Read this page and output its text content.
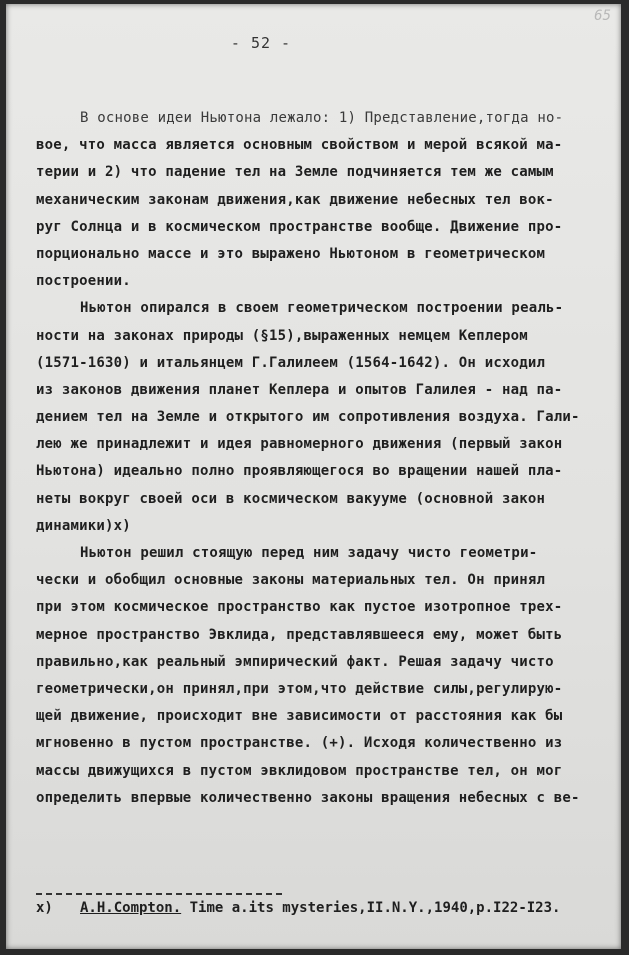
65
- 52 -
В основе идеи Ньютона лежало: 1) Представление,тогда но-
вое, что масса является основным свойством и мерой всякой ма-
терии и 2) что падение тел на Земле подчиняется тем же самым
механическим законам движения,как движение небесных тел вок-
руг Солнца и в космическом пространстве вообще. Движение про-
порционально массе и это выражено Ньютоном в геометрическом
построении.
Ньютон опирался в своем геометрическом построении реаль-
ности на законах природы (§15),выраженных немцем Кеплером
(1571-1630) и итальянцем Г.Галилеем (1564-1642). Он исходил
из законов движения планет Кеплера и опытов Галилея - над па-
дением тел на Земле и открытого им сопротивления воздуха. Гали-
лею же принадлежит и идея равномерного движения (первый закон
Ньютона) идеально полно проявляющегося во вращении нашей пла-
неты вокруг своей оси в космическом вакууме (основной закон
динамики)x)
Ньютон решил стоящую перед ним задачу чисто геометри-
чески и обобщил основные законы материальных тел. Он принял
при этом космическое пространство как пустое изотропное трех-
мерное пространство Эвклида, представлявшееся ему, может быть
правильно,как реальный эмпирический факт. Решая задачу чисто
геометрически,он принял,при этом,что действие силы,регулирую-
щей движение, происходит вне зависимости от расстояния как бы
мгновенно в пустом пространстве. (+). Исходя количественно из
массы движущихся в пустом эвклидовом пространстве тел, он мог
определить впервые количественно законы вращения небесных с ве-
x) A.H.Compton. Time a.its mysteries,II.N.Y.,1940,p.I22-I23.
